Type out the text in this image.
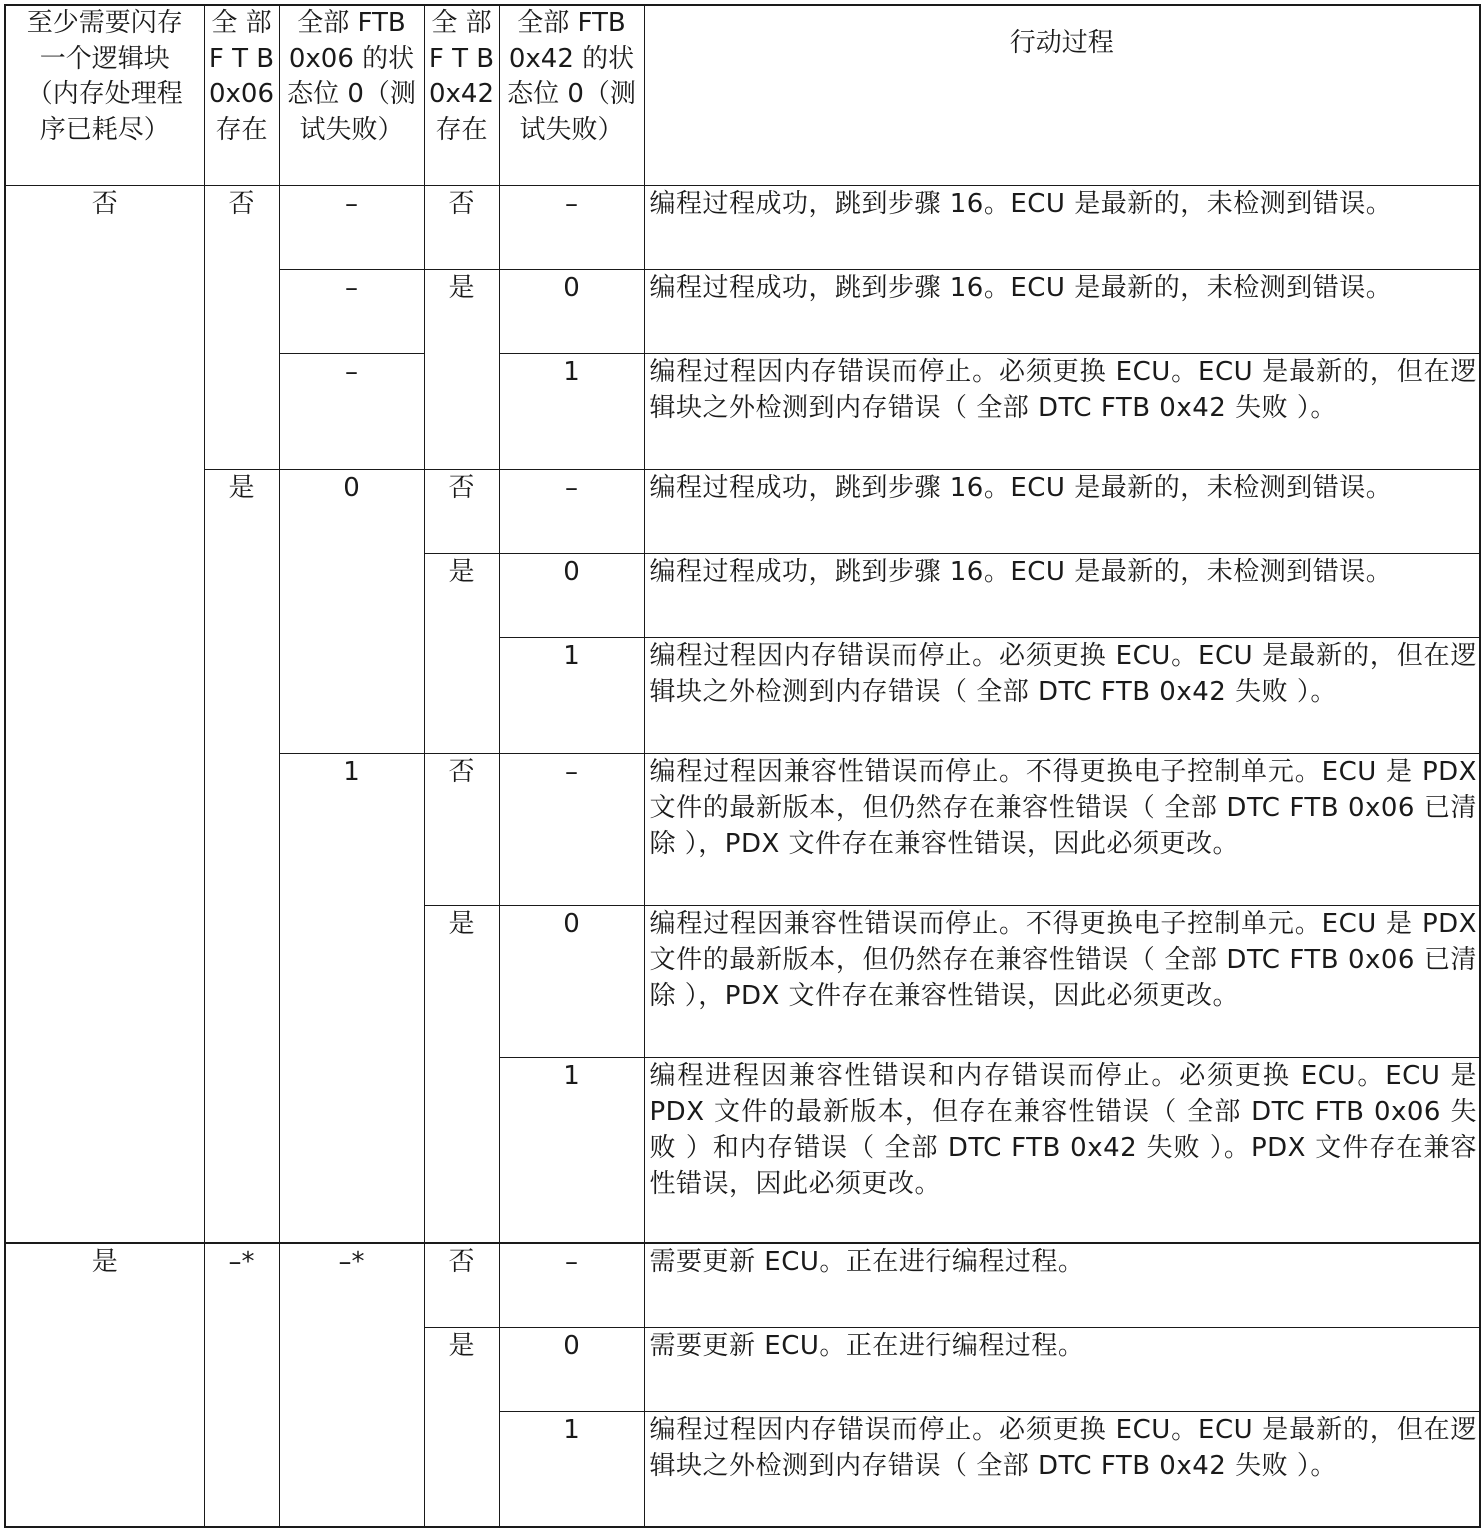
至少需要闪存
一个逻辑块
（内存处理程
序已耗尽）	全 部
F T B
0x06
存在	全部 FTB
0x06 的状
态位 0（测
试失败）	全 部
F T B
0x42
存在	全部 FTB
0x42 的状
态位 0（测
试失败）	行动过程

否	否	–	否	–	编程过程成功，跳到步骤 16。ECU 是最新的，未检测到错误。
		–	是	0	编程过程成功，跳到步骤 16。ECU 是最新的，未检测到错误。
		–		1	编程过程因内存错误而停止。必须更换 ECU。ECU 是最新的，但在逻辑块之外检测到内存错误（ 全部 DTC FTB 0x42 失败 ）。
	是	0	否	–	编程过程成功，跳到步骤 16。ECU 是最新的，未检测到错误。
			是	0	编程过程成功，跳到步骤 16。ECU 是最新的，未检测到错误。
				1	编程过程因内存错误而停止。必须更换 ECU。ECU 是最新的，但在逻辑块之外检测到内存错误（ 全部 DTC FTB 0x42 失败 ）。
		1	否	–	编程过程因兼容性错误而停止。不得更换电子控制单元。ECU 是 PDX 文件的最新版本，但仍然存在兼容性错误（ 全部 DTC FTB 0x06 已清除 ），PDX 文件存在兼容性错误，因此必须更改。
			是	0	编程过程因兼容性错误而停止。不得更换电子控制单元。ECU 是 PDX 文件的最新版本，但仍然存在兼容性错误（ 全部 DTC FTB 0x06 已清除 ），PDX 文件存在兼容性错误，因此必须更改。
				1	编程进程因兼容性错误和内存错误而停止。必须更换 ECU。ECU 是 PDX 文件的最新版本，但存在兼容性错误（ 全部 DTC FTB 0x06 失败 ）和内存错误（ 全部 DTC FTB 0x42 失败 ）。PDX 文件存在兼容性错误，因此必须更改。
是	–*	–*	否	–	需要更新 ECU。正在进行编程过程。
			是	0	需要更新 ECU。正在进行编程过程。
				1	编程过程因内存错误而停止。必须更换 ECU。ECU 是最新的，但在逻辑块之外检测到内存错误（ 全部 DTC FTB 0x42 失败 ）。
